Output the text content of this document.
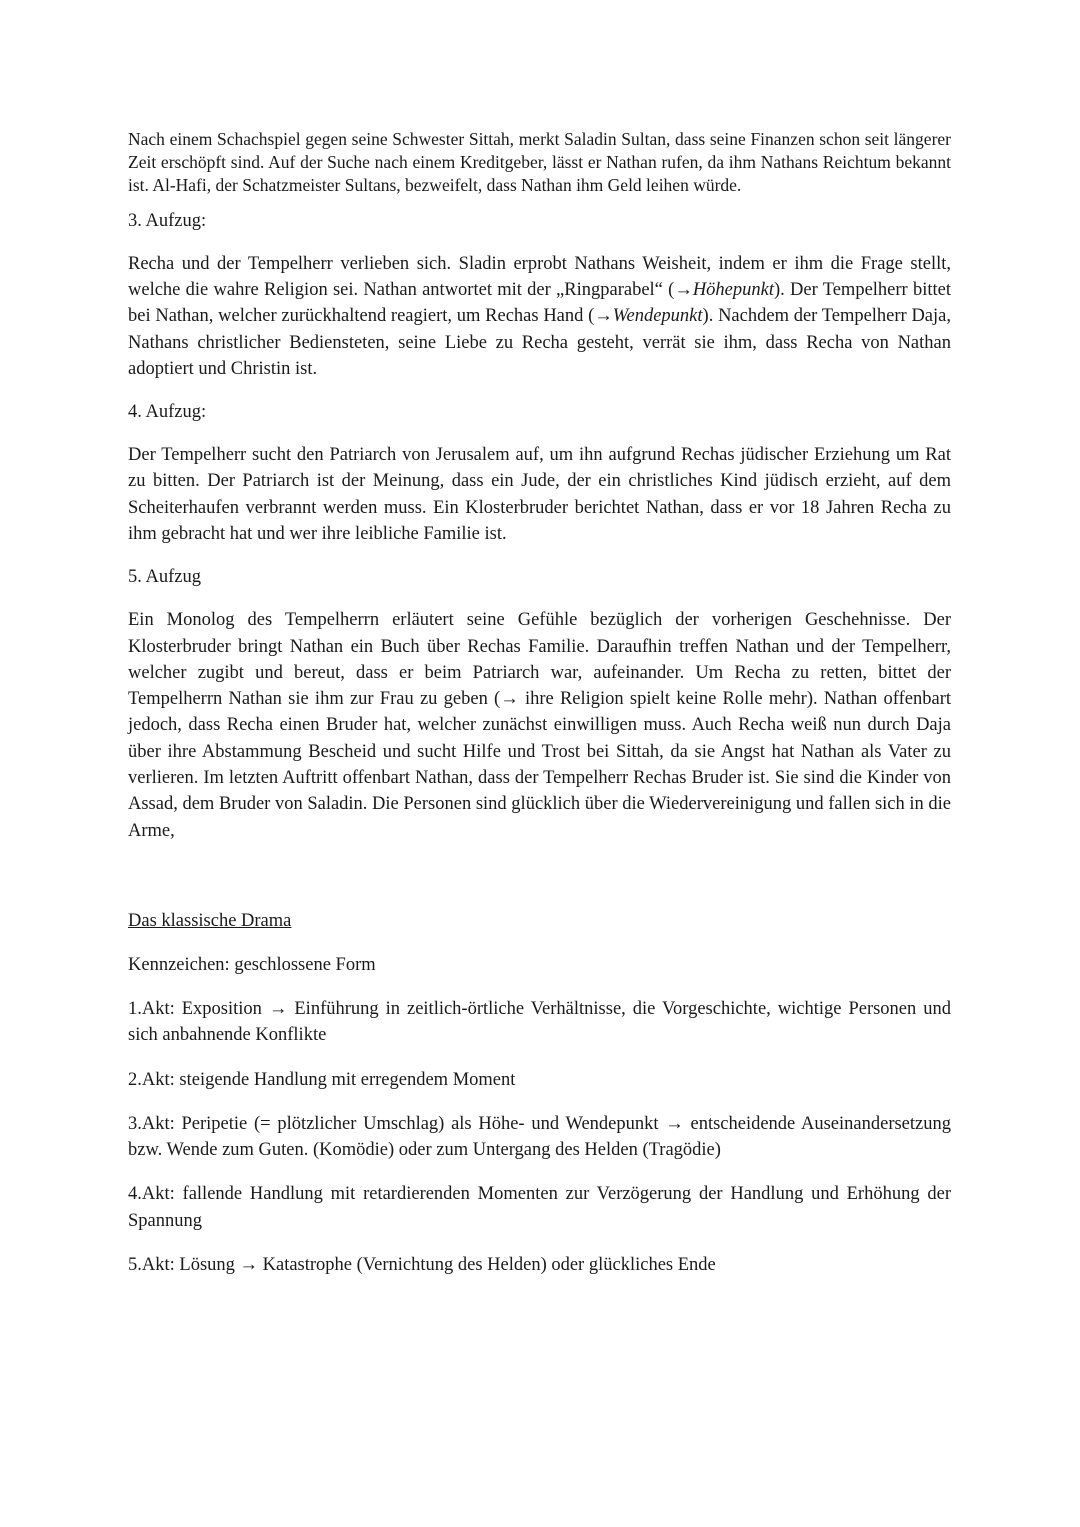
Nach einem Schachspiel gegen seine Schwester Sittah, merkt Saladin Sultan, dass seine Finanzen schon seit längerer Zeit erschöpft sind. Auf der Suche nach einem Kreditgeber, lässt er Nathan rufen, da ihm Nathans Reichtum bekannt ist. Al-Hafi, der Schatzmeister Sultans, bezweifelt, dass Nathan ihm Geld leihen würde.

3. Aufzug:

Recha und der Tempelherr verlieben sich. Sladin erprobt Nathans Weisheit, indem er ihm die Frage stellt, welche die wahre Religion sei. Nathan antwortet mit der „Ringparabel“ (→Höhepunkt). Der Tempelherr bittet bei Nathan, welcher zurückhaltend reagiert, um Rechas Hand (→Wendepunkt). Nachdem der Tempelherr Daja, Nathans christlicher Bediensteten, seine Liebe zu Recha gesteht, verrät sie ihm, dass Recha von Nathan adoptiert und Christin ist.

4. Aufzug:

Der Tempelherr sucht den Patriarch von Jerusalem auf, um ihn aufgrund Rechas jüdischer Erziehung um Rat zu bitten. Der Patriarch ist der Meinung, dass ein Jude, der ein christliches Kind jüdisch erzieht, auf dem Scheiterhaufen verbrannt werden muss. Ein Klosterbruder berichtet Nathan, dass er vor 18 Jahren Recha zu ihm gebracht hat und wer ihre leibliche Familie ist.

5. Aufzug

Ein Monolog des Tempelherrn erläutert seine Gefühle bezüglich der vorherigen Geschehnisse. Der Klosterbruder bringt Nathan ein Buch über Rechas Familie. Daraufhin treffen Nathan und der Tempelherr, welcher zugibt und bereut, dass er beim Patriarch war, aufeinander. Um Recha zu retten, bittet der Tempelherrn Nathan sie ihm zur Frau zu geben (→ ihre Religion spielt keine Rolle mehr). Nathan offenbart jedoch, dass Recha einen Bruder hat, welcher zunächst einwilligen muss. Auch Recha weiß nun durch Daja über ihre Abstammung Bescheid und sucht Hilfe und Trost bei Sittah, da sie Angst hat Nathan als Vater zu verlieren. Im letzten Auftritt offenbart Nathan, dass der Tempelherr Rechas Bruder ist. Sie sind die Kinder von Assad, dem Bruder von Saladin. Die Personen sind glücklich über die Wiedervereinigung und fallen sich in die Arme,

Das klassische Drama

Kennzeichen: geschlossene Form

1.Akt: Exposition → Einführung in zeitlich-örtliche Verhältnisse, die Vorgeschichte, wichtige Personen und sich anbahnende Konflikte

2.Akt: steigende Handlung mit erregendem Moment

3.Akt: Peripetie (= plötzlicher Umschlag) als Höhe- und Wendepunkt → entscheidende Auseinandersetzung bzw. Wende zum Guten. (Komödie) oder zum Untergang des Helden (Tragödie)

4.Akt: fallende Handlung mit retardierenden Momenten zur Verzögerung der Handlung und Erhöhung der Spannung

5.Akt: Lösung → Katastrophe (Vernichtung des Helden) oder glückliches Ende
